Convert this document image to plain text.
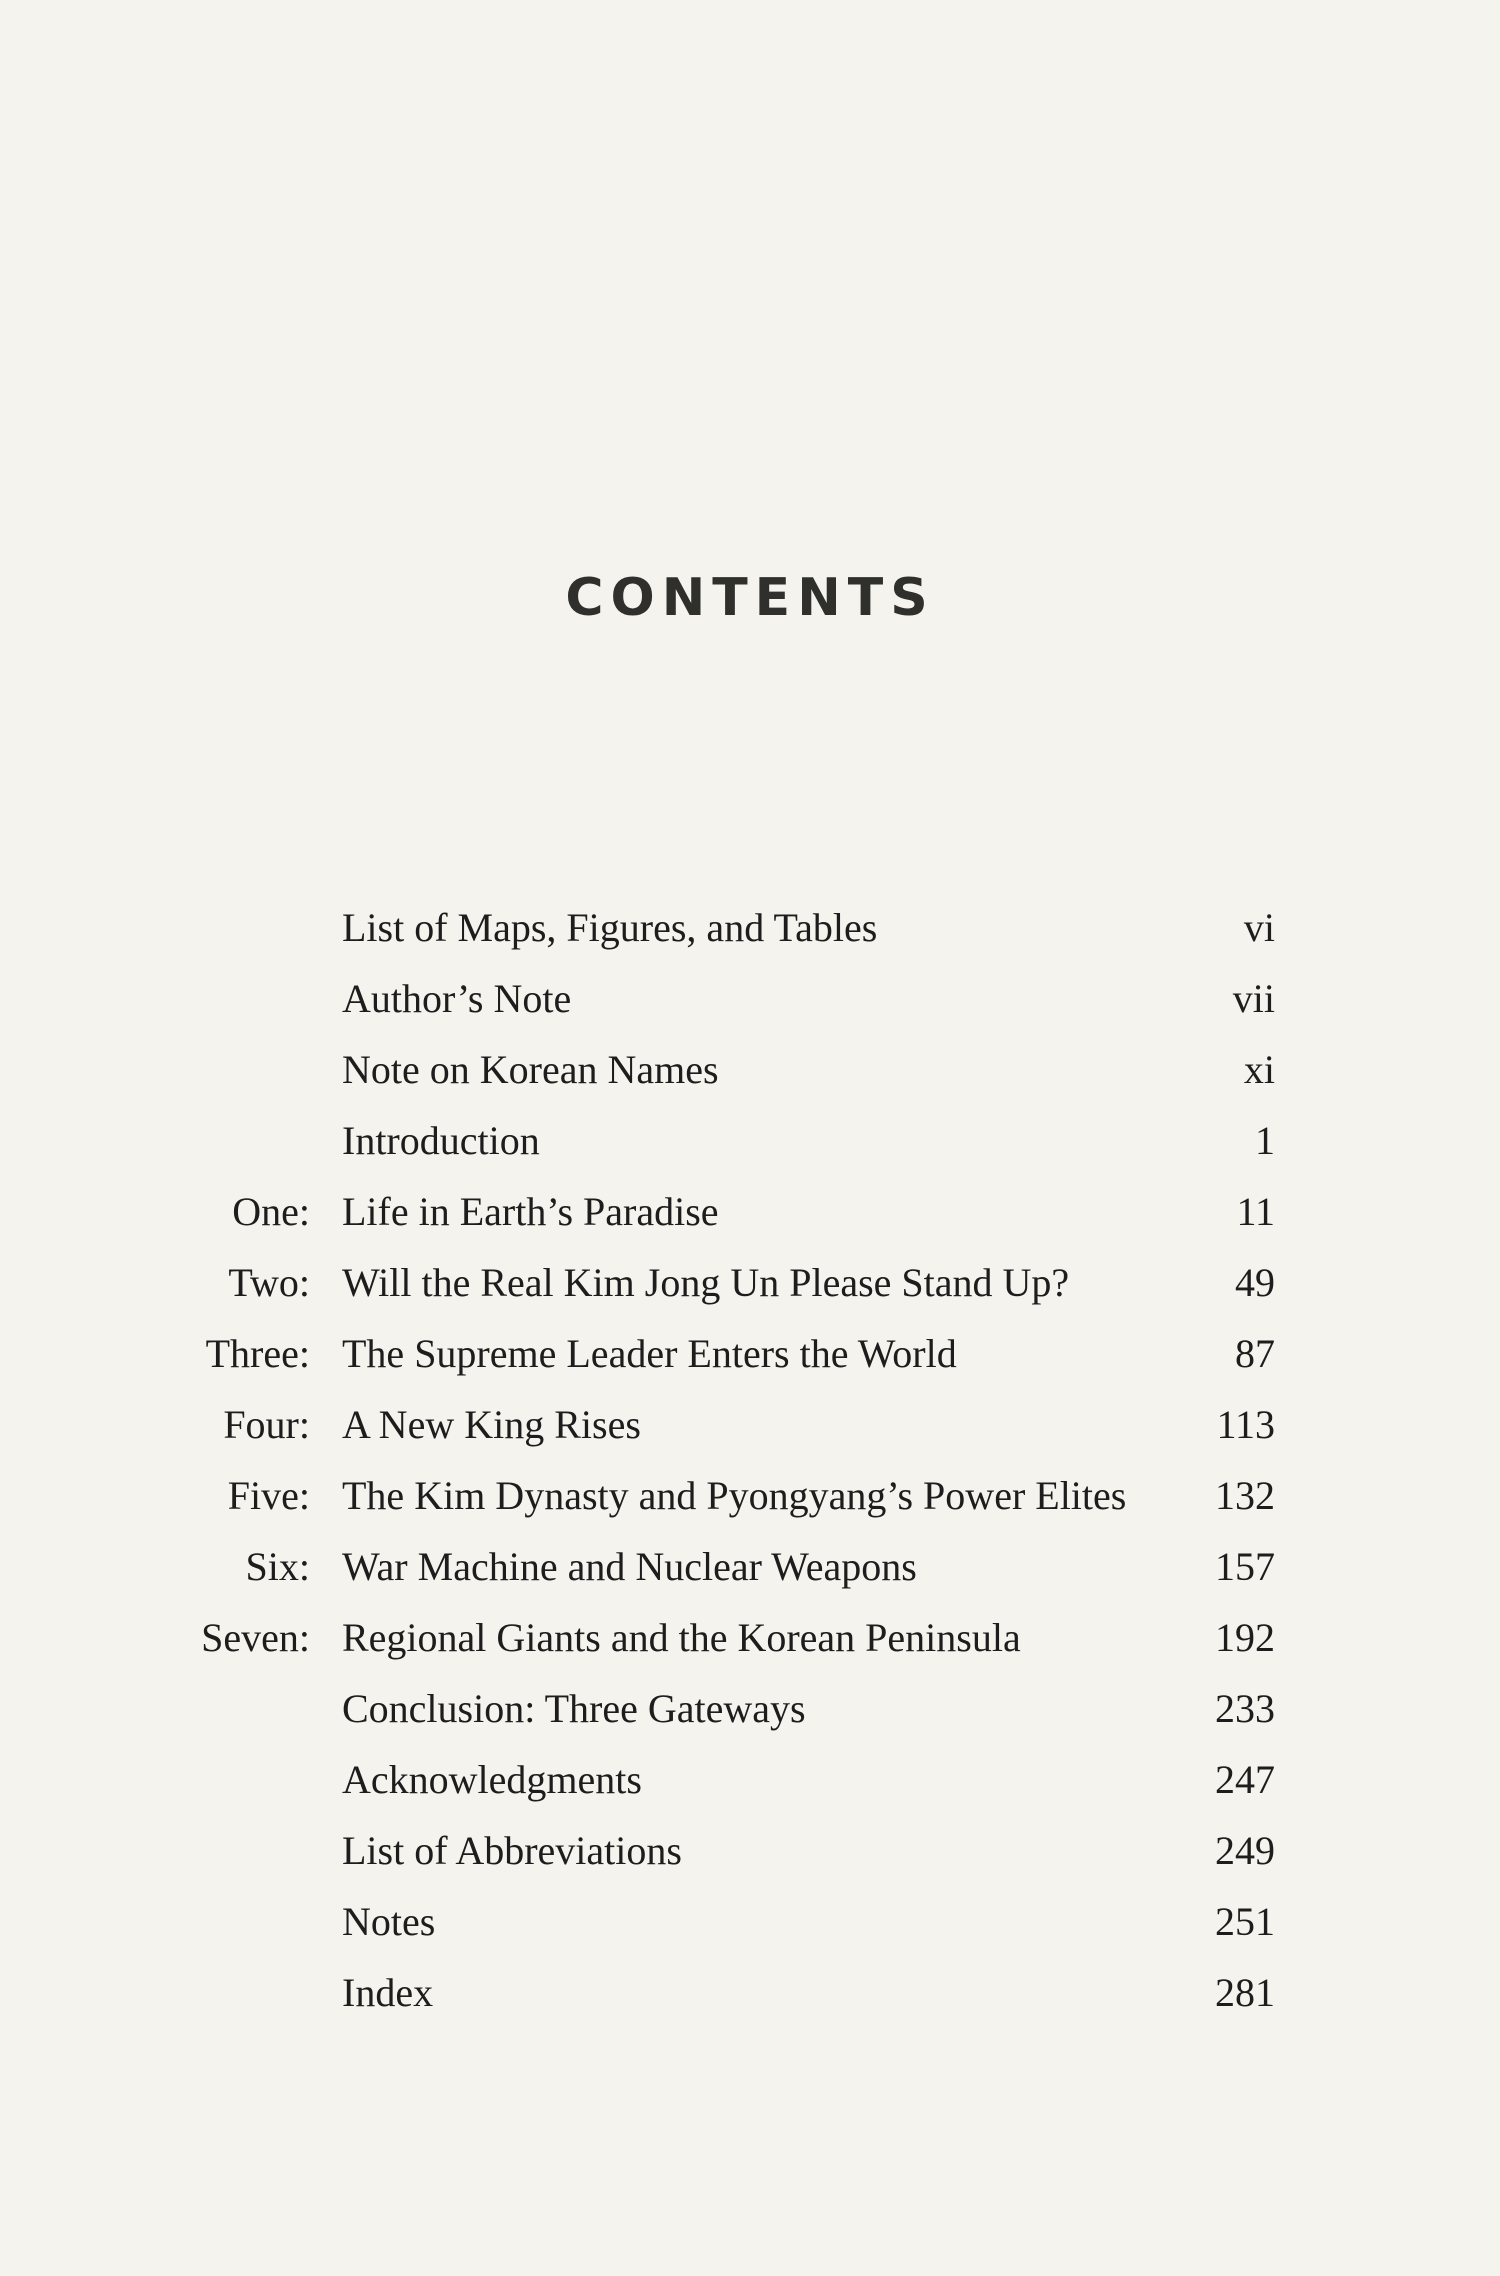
CONTENTS
List of Maps, Figures, and Tables	vi
Author’s Note	vii
Note on Korean Names	xi
Introduction	1
One: Life in Earth’s Paradise	11
Two: Will the Real Kim Jong Un Please Stand Up?	49
Three: The Supreme Leader Enters the World	87
Four: A New King Rises	113
Five: The Kim Dynasty and Pyongyang’s Power Elites 132
Six: War Machine and Nuclear Weapons	157
Seven: Regional Giants and the Korean Peninsula	192
Conclusion: Three Gateways	233
Acknowledgments	247
List of Abbreviations	249
Notes	251
Index	281
